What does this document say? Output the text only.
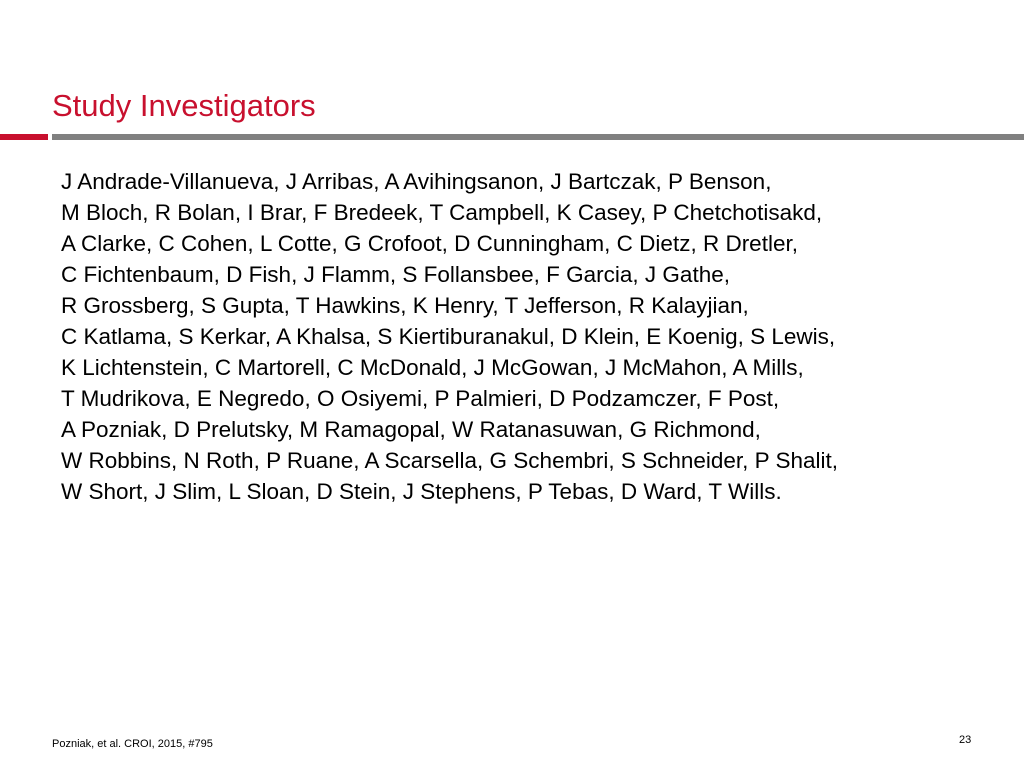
Study Investigators
J Andrade-Villanueva, J Arribas, A Avihingsanon, J Bartczak, P Benson,
M Bloch, R Bolan, I Brar, F Bredeek, T Campbell, K Casey, P Chetchotisakd,
A Clarke, C Cohen, L Cotte, G Crofoot, D Cunningham, C Dietz, R Dretler,
C Fichtenbaum, D Fish, J Flamm, S Follansbee, F Garcia, J Gathe,
R Grossberg, S Gupta, T Hawkins, K Henry, T Jefferson, R Kalayjian,
C Katlama, S Kerkar, A Khalsa, S Kiertiburanakul, D Klein, E Koenig, S Lewis,
K Lichtenstein, C Martorell, C McDonald, J McGowan, J McMahon, A Mills,
T Mudrikova, E Negredo, O Osiyemi, P Palmieri, D Podzamczer, F Post,
A Pozniak, D Prelutsky, M Ramagopal, W Ratanasuwan, G Richmond,
W Robbins, N Roth, P Ruane, A Scarsella, G Schembri, S Schneider, P Shalit,
W Short, J Slim, L Sloan, D Stein, J Stephens, P Tebas, D Ward, T Wills.
Pozniak, et al. CROI, 2015, #795	23
